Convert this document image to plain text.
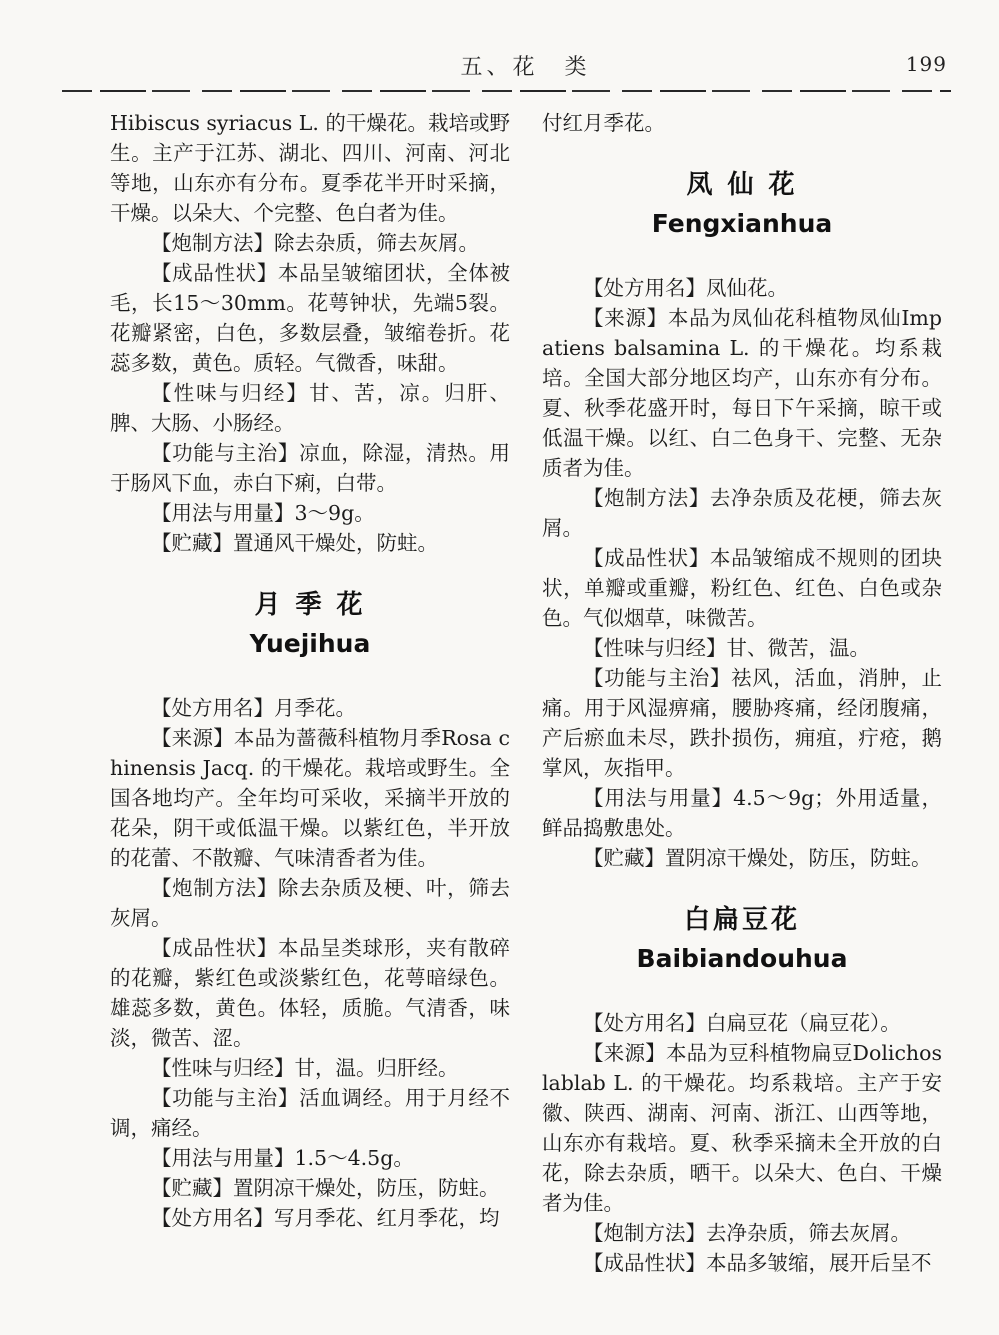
五、花　类	199

Hibiscus syriacus L. 的干燥花。栽培或野生。主产于江苏、湖北、四川、河南、河北等地，山东亦有分布。夏季花半开时采摘，干燥。以朵大、个完整、色白者为佳。

【炮制方法】除去杂质，筛去灰屑。

【成品性状】本品呈皱缩团状，全体被毛，长15～30mm。花萼钟状，先端5裂。花瓣紧密，白色，多数层叠，皱缩卷折。花蕊多数，黄色。质轻。气微香，味甜。

【性味与归经】甘、苦，凉。归肝、脾、大肠、小肠经。

【功能与主治】凉血，除湿，清热。用于肠风下血，赤白下痢，白带。

【用法与用量】3～9g。

【贮藏】置通风干燥处，防蛀。

月 季 花
Yuejihua

【处方用名】月季花。

【来源】本品为蔷薇科植物月季Rosa chinensis Jacq. 的干燥花。栽培或野生。全国各地均产。全年均可采收，采摘半开放的花朵，阴干或低温干燥。以紫红色，半开放的花蕾、不散瓣、气味清香者为佳。

【炮制方法】除去杂质及梗、叶，筛去灰屑。

【成品性状】本品呈类球形，夹有散碎的花瓣，紫红色或淡紫红色，花萼暗绿色。雄蕊多数，黄色。体轻，质脆。气清香，味淡，微苦、涩。

【性味与归经】甘，温。归肝经。

【功能与主治】活血调经。用于月经不调，痛经。

【用法与用量】1.5～4.5g。

【贮藏】置阴凉干燥处，防压，防蛀。

【处方用名】写月季花、红月季花，均

付红月季花。

凤 仙 花
Fengxianhua

【处方用名】凤仙花。

【来源】本品为凤仙花科植物凤仙Impatiens balsamina L. 的干燥花。均系栽培。全国大部分地区均产，山东亦有分布。夏、秋季花盛开时，每日下午采摘，晾干或低温干燥。以红、白二色身干、完整、无杂质者为佳。

【炮制方法】去净杂质及花梗，筛去灰屑。

【成品性状】本品皱缩成不规则的团块状，单瓣或重瓣，粉红色、红色、白色或杂色。气似烟草，味微苦。

【性味与归经】甘、微苦，温。

【功能与主治】祛风，活血，消肿，止痛。用于风湿痹痛，腰胁疼痛，经闭腹痛，产后瘀血未尽，跌扑损伤，痈疽，疔疮，鹅掌风，灰指甲。

【用法与用量】4.5～9g；外用适量，鲜品捣敷患处。

【贮藏】置阴凉干燥处，防压，防蛀。

白扁豆花
Baibiandouhua

【处方用名】白扁豆花（扁豆花）。

【来源】本品为豆科植物扁豆Dolichos lablab L. 的干燥花。均系栽培。主产于安徽、陕西、湖南、河南、浙江、山西等地，山东亦有栽培。夏、秋季采摘未全开放的白花，除去杂质，晒干。以朵大、色白、干燥者为佳。

【炮制方法】去净杂质，筛去灰屑。

【成品性状】本品多皱缩，展开后呈不
